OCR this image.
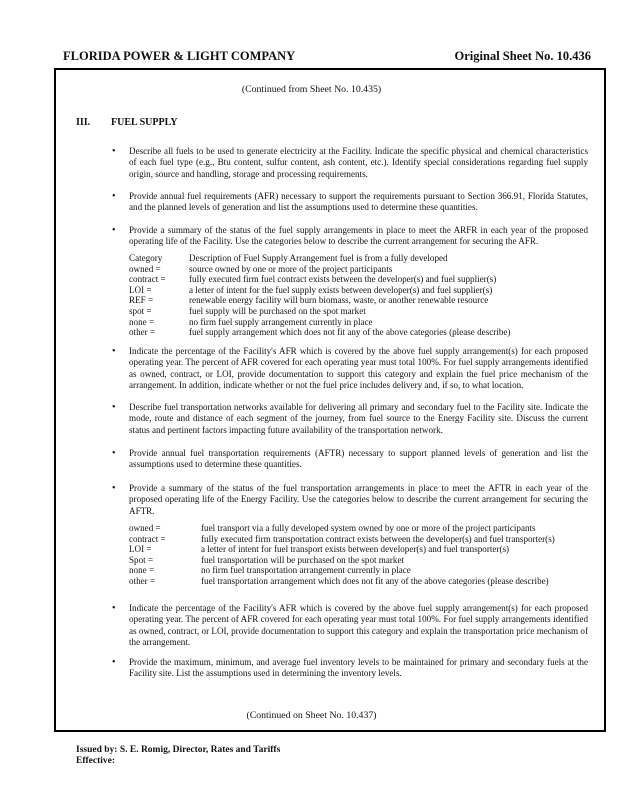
FLORIDA POWER & LIGHT COMPANY	Original Sheet No. 10.436
(Continued from Sheet No. 10.435)
III. FUEL SUPPLY
• Describe all fuels to be used to generate electricity at the Facility. Indicate the specific physical and chemical characteristics of each fuel type (e.g., Btu content, sulfur content, ash content, etc.). Identify special considerations regarding fuel supply origin, source and handling, storage and processing requirements.

• Provide annual fuel requirements (AFR) necessary to support the requirements pursuant to Section 366.91, Florida Statutes, and the planned levels of generation and list the assumptions used to determine these quantities.

• Provide a summary of the status of the fuel supply arrangements in place to meet the ARFR in each year of the proposed operating life of the Facility. Use the categories below to describe the current arrangement for securing the AFR.

Category	Description of Fuel Supply Arrangement fuel is from a fully developed
owned =	source owned by one or more of the project participants
contract =	fully executed firm fuel contract exists between the developer(s) and fuel supplier(s)
LOI =	a letter of intent for the fuel supply exists between developer(s) and fuel supplier(s)
REF =	renewable energy facility will burn biomass, waste, or another renewable resource
spot =	fuel supply will be purchased on the spot market
none =	no firm fuel supply arrangement currently in place
other =	fuel supply arrangement which does not fit any of the above categories (please describe)
• Indicate the percentage of the Facility's AFR which is covered by the above fuel supply arrangement(s) for each proposed operating year. The percent of AFR covered for each operating year must total 100%. For fuel supply arrangements identified as owned, contract, or LOI, provide documentation to support this category and explain the fuel price mechanism of the arrangement. In addition, indicate whether or not the fuel price includes delivery and, if so, to what location.

• Describe fuel transportation networks available for delivering all primary and secondary fuel to the Facility site. Indicate the mode, route and distance of each segment of the journey, from fuel source to the Energy Facility site. Discuss the current status and pertinent factors impacting future availability of the transportation network.

• Provide annual fuel transportation requirements (AFTR) necessary to support planned levels of generation and list the assumptions used to determine these quantities.

• Provide a summary of the status of the fuel transportation arrangements in place to meet the AFTR in each year of the proposed operating life of the Energy Facility. Use the categories below to describe the current arrangement for securing the AFTR.

owned =	fuel transport via a fully developed system owned by one or more of the project participants
contract =	fully executed firm transportation contract exists between the developer(s) and fuel transporter(s)
LOI =	a letter of intent for fuel transport exists between developer(s) and fuel transporter(s)
Spot =	fuel transportation will be purchased on the spot market
none =	no firm fuel transportation arrangement currently in place
other =	fuel transportation arrangement which does not fit any of the above categories (please describe)
• Indicate the percentage of the Facility's AFR which is covered by the above fuel supply arrangement(s) for each proposed operating year. The percent of AFR covered for each operating year must total 100%. For fuel supply arrangements identified as owned, contract, or LOI, provide documentation to support this category and explain the transportation price mechanism of the arrangement.

• Provide the maximum, minimum, and average fuel inventory levels to be maintained for primary and secondary fuels at the Facility site. List the assumptions used in determining the inventory levels.

(Continued on Sheet No. 10.437)
Issued by: S. E. Romig, Director, Rates and Tariffs
Effective:
